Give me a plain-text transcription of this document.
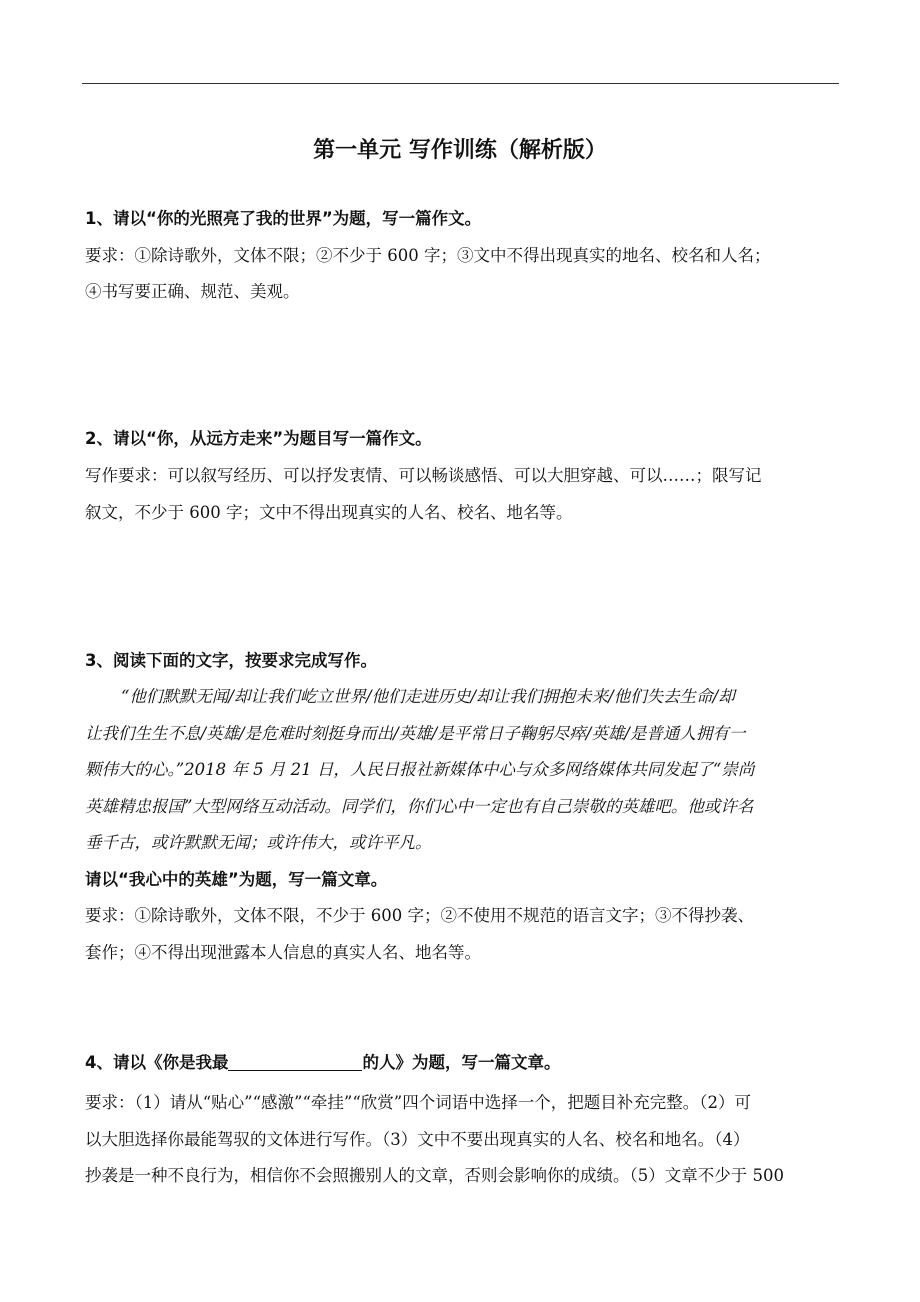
第一单元 写作训练（解析版）
1、请以“你的光照亮了我的世界”为题，写一篇作文。
要求：①除诗歌外，文体不限；②不少于 600 字；③文中不得出现真实的地名、校名和人名；
④书写要正确、规范、美观。
2、请以“你，从远方走来”为题目写一篇作文。
写作要求：可以叙写经历、可以抒发衷情、可以畅谈感悟、可以大胆穿越、可以……；限写记
叙文，不少于 600 字；文中不得出现真实的人名、校名、地名等。
3、阅读下面的文字，按要求完成写作。
“他们默默无闻/却让我们屹立世界/他们走进历史/却让我们拥抱未来/他们失去生命/却
让我们生生不息/英雄/是危难时刻挺身而出/英雄/是平常日子鞠躬尽瘁/英雄/是普通人拥有一
颗伟大的心。”2018 年 5 月 21 日，人民日报社新媒体中心与众多网络媒体共同发起了“崇尚
英雄精忠报国”大型网络互动活动。同学们，你们心中一定也有自己崇敬的英雄吧。他或许名
垂千古，或许默默无闻；或许伟大，或许平凡。
请以“我心中的英雄”为题，写一篇文章。
要求：①除诗歌外，文体不限，不少于 600 字；②不使用不规范的语言文字；③不得抄袭、
套作；④不得出现泄露本人信息的真实人名、地名等。
4、请以《你是我最	的人》为题，写一篇文章。
要求：（1）请从“贴心”“感激”“牵挂”“欣赏”四个词语中选择一个，把题目补充完整。（2）可
以大胆选择你最能驾驭的文体进行写作。（3）文中不要出现真实的人名、校名和地名。（4）
抄袭是一种不良行为，相信你不会照搬别人的文章，否则会影响你的成绩。（5）文章不少于 500
